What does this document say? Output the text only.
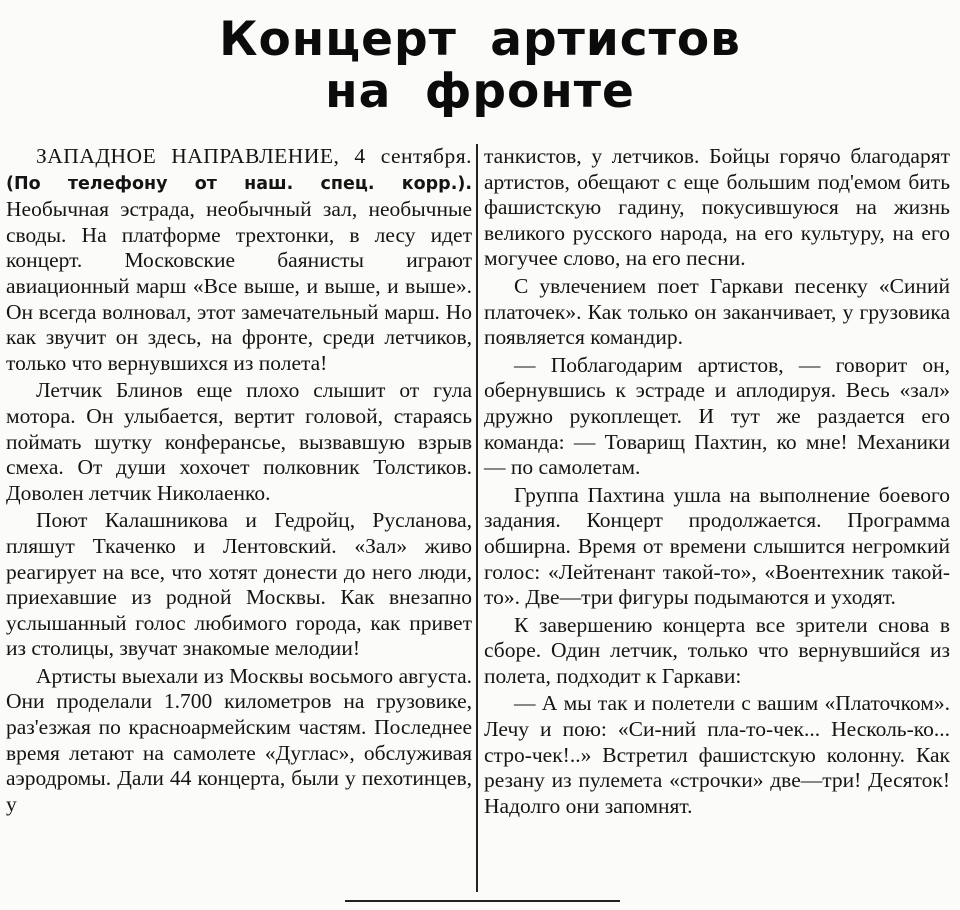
Концерт артистов
на фронте

ЗАПАДНОЕ НАПРАВЛЕНИЕ, 4 сентября. (По телефону от наш. спец. корр.). Необычная эстрада, необычный зал, необычные своды. На платформе трехтонки, в лесу идет концерт. Московские баянисты играют авиационный марш «Все выше, и выше, и выше». Он всегда волновал, этот замечательный марш. Но как звучит он здесь, на фронте, среди летчиков, только что вернувшихся из полета!

Летчик Блинов еще плохо слышит от гула мотора. Он улыбается, вертит головой, стараясь поймать шутку конферансье, вызвавшую взрыв смеха. От души хохочет полковник Толстиков. Доволен летчик Николаенко.

Поют Калашникова и Гедройц, Русланова, пляшут Ткаченко и Лентовский. «Зал» живо реагирует на все, что хотят донести до него люди, приехавшие из родной Москвы. Как внезапно услышанный голос любимого города, как привет из столицы, звучат знакомые мелодии!

Артисты выехали из Москвы восьмого августа. Они проделали 1.700 километров на грузовике, раз'езжая по красноармейским частям. Последнее время летают на самолете «Дуглас», обслуживая аэродромы. Дали 44 концерта, были у пехотинцев, у

танкистов, у летчиков. Бойцы горячо благодарят артистов, обещают с еще большим под'емом бить фашистскую гадину, покусившуюся на жизнь великого русского народа, на его культуру, на его могучее слово, на его песни.

С увлечением поет Гаркави песенку «Синий платочек». Как только он заканчивает, у грузовика появляется командир.

— Поблагодарим артистов, — говорит он, обернувшись к эстраде и аплодируя. Весь «зал» дружно рукоплещет. И тут же раздается его команда: — Товарищ Пахтин, ко мне! Механики — по самолетам.

Группа Пахтина ушла на выполнение боевого задания. Концерт продолжается. Программа обширна. Время от времени слышится негромкий голос: «Лейтенант такой-то», «Воентехник такой-то». Две—три фигуры подымаются и уходят.

К завершению концерта все зрители снова в сборе. Один летчик, только что вернувшийся из полета, подходит к Гаркави:

— А мы так и полетели с вашим «Платочком». Лечу и пою: «Си-ний пла-то-чек... Несколь-ко... стро-чек!..» Встретил фашистскую колонну. Как резану из пулемета «строчки» две—три! Десяток! Надолго они запомнят.
